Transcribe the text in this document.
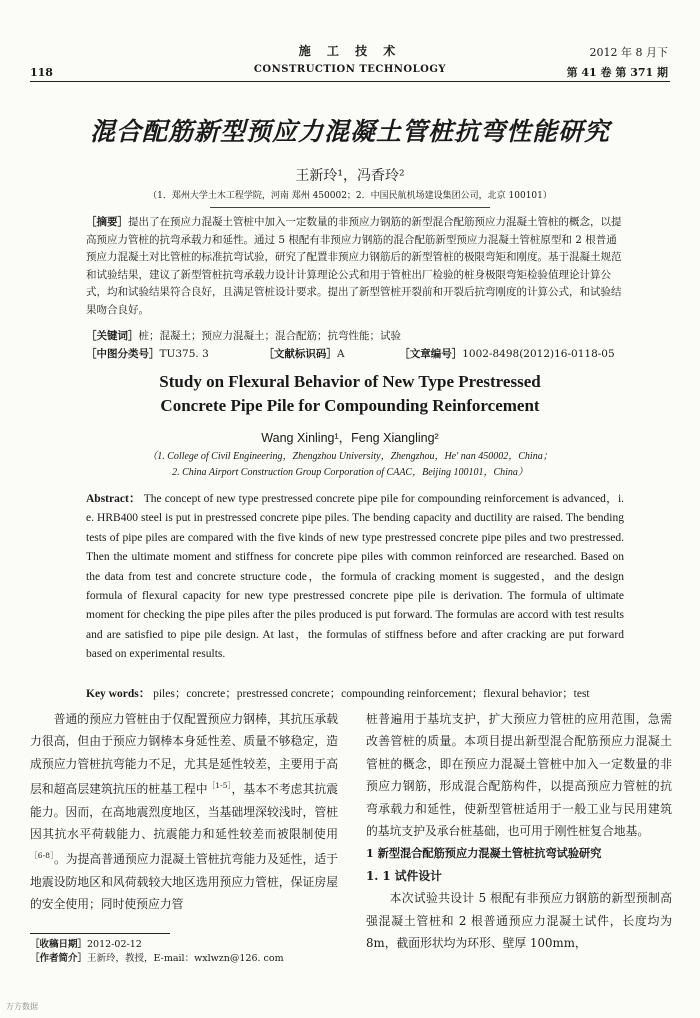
118
施 工 技 术
CONSTRUCTION TECHNOLOGY
2012 年 8 月下
第 41 卷 第 371 期
混合配筋新型预应力混凝土管桩抗弯性能研究
王新玲¹，冯香玲²
（1．郑州大学土木工程学院，河南 郑州 450002；2．中国民航机场建设集团公司，北京 100101）
［摘要］提出了在预应力混凝土管桩中加入一定数量的非预应力钢筋的新型混合配筋预应力混凝土管桩的概念，以提高预应力管桩的抗弯承载力和延性。通过 5 根配有非预应力钢筋的混合配筋新型预应力混凝土管桩原型和 2 根普通预应力混凝土对比管桩的标准抗弯试验，研究了配置非预应力钢筋后的新型管桩的极限弯矩和刚度。基于混凝土规范和试验结果，建议了新型管桩抗弯承载力设计计算理论公式和用于管桩出厂检验的桩身极限弯矩检验值理论计算公式，均和试验结果符合良好，且满足管桩设计要求。提出了新型管桩开裂前和开裂后抗弯刚度的计算公式，和试验结果吻合良好。
［关键词］桩；混凝土；预应力混凝土；混合配筋；抗弯性能；试验
［中图分类号］TU375. 3	［文献标识码］A	［文章编号］1002-8498(2012)16-0118-05
Study on Flexural Behavior of New Type Prestressed
Concrete Pipe Pile for Compounding Reinforcement
Wang Xinling¹，Feng Xiangling²
（1. College of Civil Engineering，Zhengzhou University，Zhengzhou，He' nan 450002，China；
2. China Airport Construction Group Corporation of CAAC，Beijing 100101，China）
Abstract： The concept of new type prestressed concrete pipe pile for compounding reinforcement is advanced，i. e. HRB400 steel is put in prestressed concrete pipe piles. The bending capacity and ductility are raised. The bending tests of pipe piles are compared with the five kinds of new type prestressed concrete pipe piles and two prestressed. Then the ultimate moment and stiffness for concrete pipe piles with common reinforced are researched. Based on the data from test and concrete structure code，the formula of cracking moment is suggested，and the design formula of flexural capacity for new type prestressed concrete pipe pile is derivation. The formula of ultimate moment for checking the pipe piles after the piles produced is put forward. The formulas are accord with test results and are satisfied to pipe pile design. At last，the formulas of stiffness before and after cracking are put forward based on experimental results.
Key words： piles；concrete；prestressed concrete；compounding reinforcement；flexural behavior；test
普通的预应力管桩由于仅配置预应力钢棒，其抗压承载力很高，但由于预应力钢棒本身延性差、质量不够稳定，造成预应力管桩抗弯能力不足，尤其是延性较差，主要用于高层和超高层建筑抗压的桩基工程中$^{[1-5]}$，基本不考虑其抗震能力。因而，在高地震烈度地区，当基础埋深较浅时，管桩因其抗水平荷载能力、抗震能力和延性较差而被限制使用$^{[6-8]}$。为提高普通预应力混凝土管桩抗弯能力及延性，适于地震设防地区和风荷载较大地区选用预应力管桩，保证房屋的安全使用；同时使预应力管
桩普遍用于基坑支护，扩大预应力管桩的应用范围，急需改善管桩的质量。本项目提出新型混合配筋预应力混凝土管桩的概念，即在预应力混凝土管桩中加入一定数量的非预应力钢筋，形成混合配筋构件，以提高预应力管桩的抗弯承载力和延性，使新型管桩适用于一般工业与民用建筑的基坑支护及承台桩基础，也可用于刚性桩复合地基。
1 新型混合配筋预应力混凝土管桩抗弯试验研究
1. 1 试件设计
本次试验共设计 5 根配有非预应力钢筋的新型预制高强混凝土管桩和 2 根普通预应力混凝土试件，长度均为 8m，截面形状均为环形、壁厚 100mm，
［收稿日期］2012-02-12
［作者简介］王新玲，教授，E-mail：wxlwzn@126. com
万方数据
